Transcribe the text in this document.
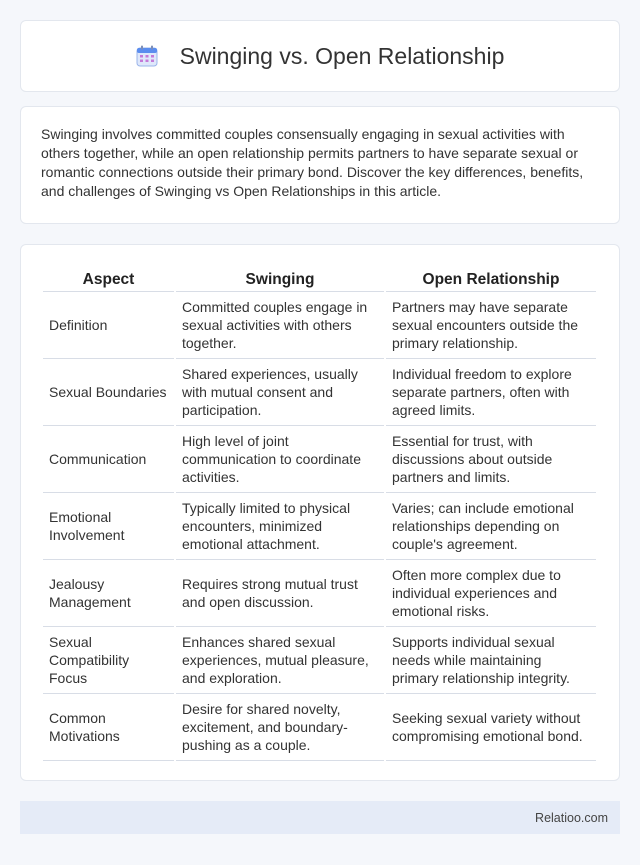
Swinging vs. Open Relationship

Swinging involves committed couples consensually engaging in sexual activities with others together, while an open relationship permits partners to have separate sexual or romantic connections outside their primary bond. Discover the key differences, benefits, and challenges of Swinging vs Open Relationships in this article.

Aspect	Swinging	Open Relationship
Definition	Committed couples engage in sexual activities with others together.	Partners may have separate sexual encounters outside the primary relationship.
Sexual Boundaries	Shared experiences, usually with mutual consent and participation.	Individual freedom to explore separate partners, often with agreed limits.
Communication	High level of joint communication to coordinate activities.	Essential for trust, with discussions about outside partners and limits.
Emotional Involvement	Typically limited to physical encounters, minimized emotional attachment.	Varies; can include emotional relationships depending on couple's agreement.
Jealousy Management	Requires strong mutual trust and open discussion.	Often more complex due to individual experiences and emotional risks.
Sexual Compatibility Focus	Enhances shared sexual experiences, mutual pleasure, and exploration.	Supports individual sexual needs while maintaining primary relationship integrity.
Common Motivations	Desire for shared novelty, excitement, and boundary-pushing as a couple.	Seeking sexual variety without compromising emotional bond.
Relatioo.com
